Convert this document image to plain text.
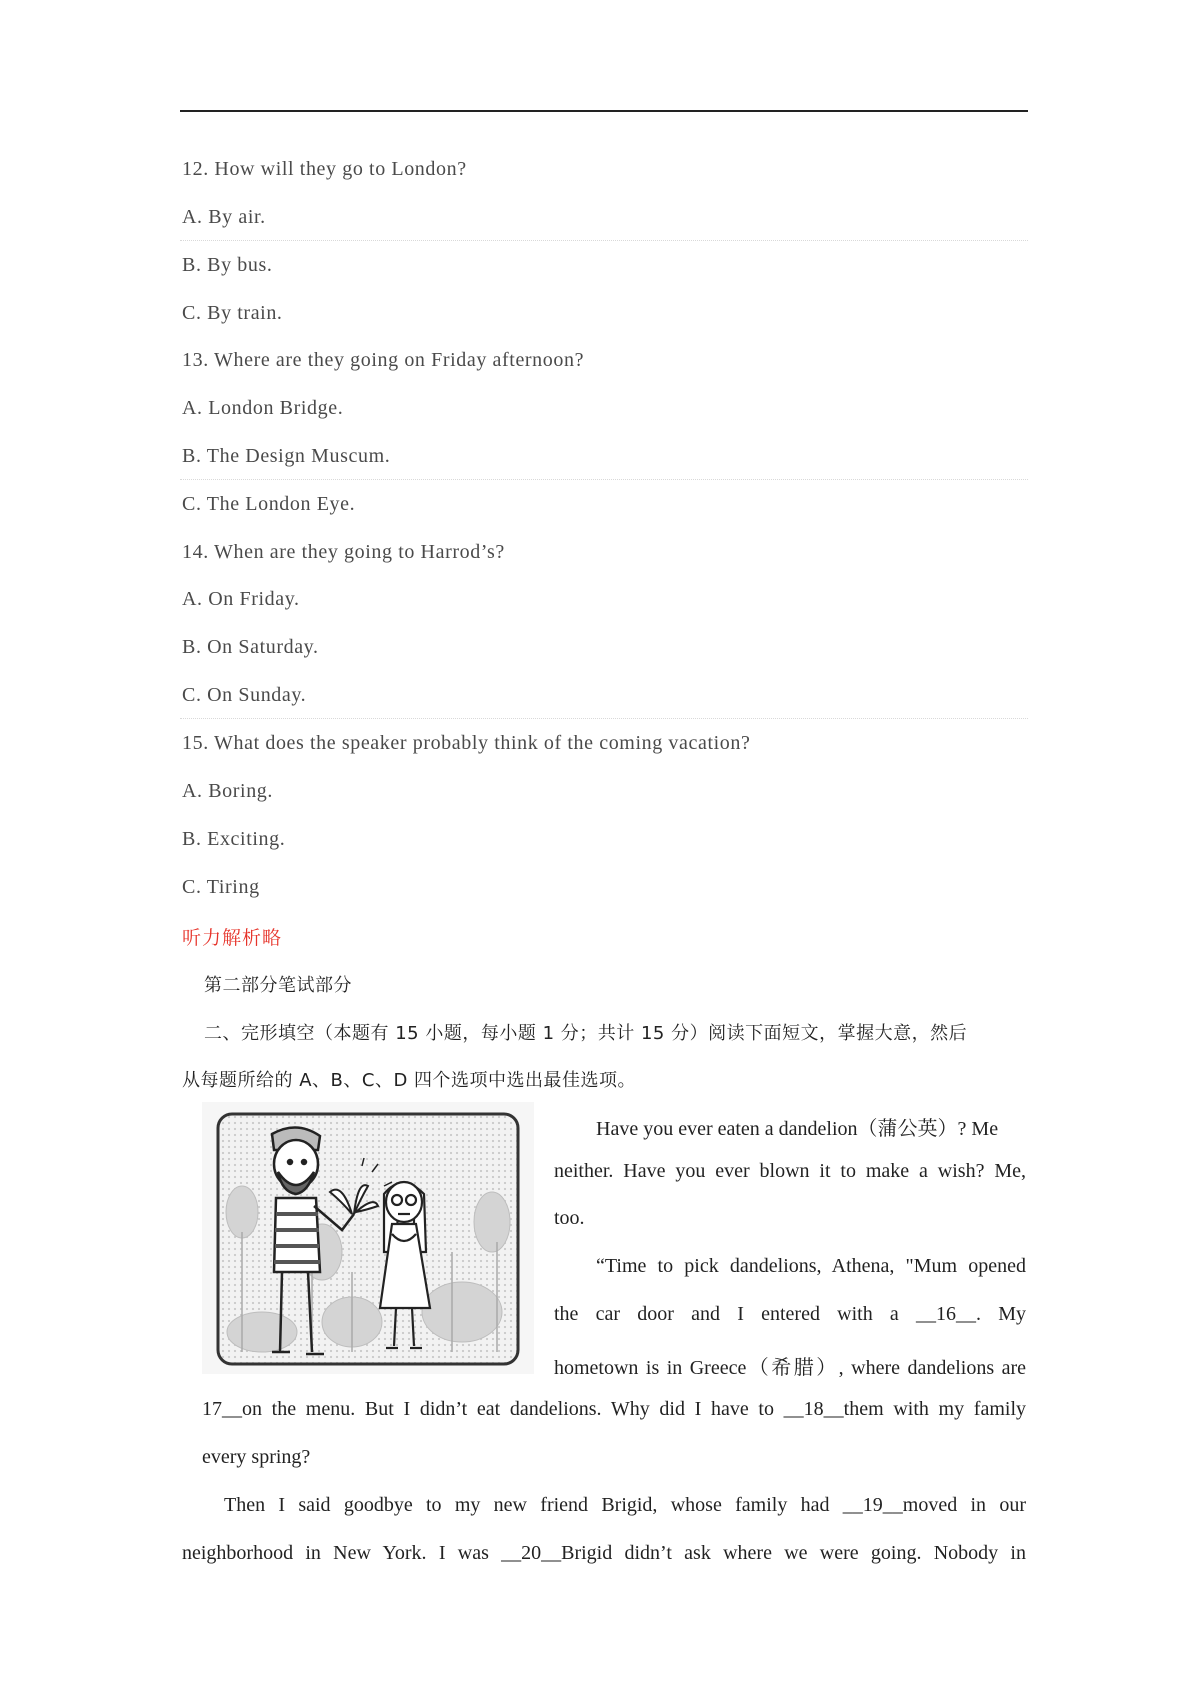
12. How will they go to London?
A. By air.
B. By bus.
C. By train.
13. Where are they going on Friday afternoon?
A. London Bridge.
B. The Design Muscum.
C. The London Eye.
14. When are they going to Harrod’s?
A. On Friday.
B. On Saturday.
C. On Sunday.
15. What does the speaker probably think of the coming vacation?
A. Boring.
B. Exciting.
C. Tiring
听力解析略
第二部分笔试部分
二、完形填空（本题有 15 小题，每小题 1 分；共计 15 分）阅读下面短文，掌握大意，然后
从每题所给的 A、B、C、D 四个选项中选出最佳选项。
Have you ever eaten a dandelion（蒲公英）? Me
neither. Have you ever blown it to make a wish? Me,
too.
“Time to pick dandelions, Athena, "Mum opened
the car door and I entered with a __16__. My
hometown is in Greece（希腊）, where dandelions are
17__on the menu. But I didn’t eat dandelions. Why did I have to __18__them with my family
every spring?
Then I said goodbye to my new friend Brigid, whose family had __19__moved in our
neighborhood in New York. I was __20__Brigid didn’t ask where we were going. Nobody in
